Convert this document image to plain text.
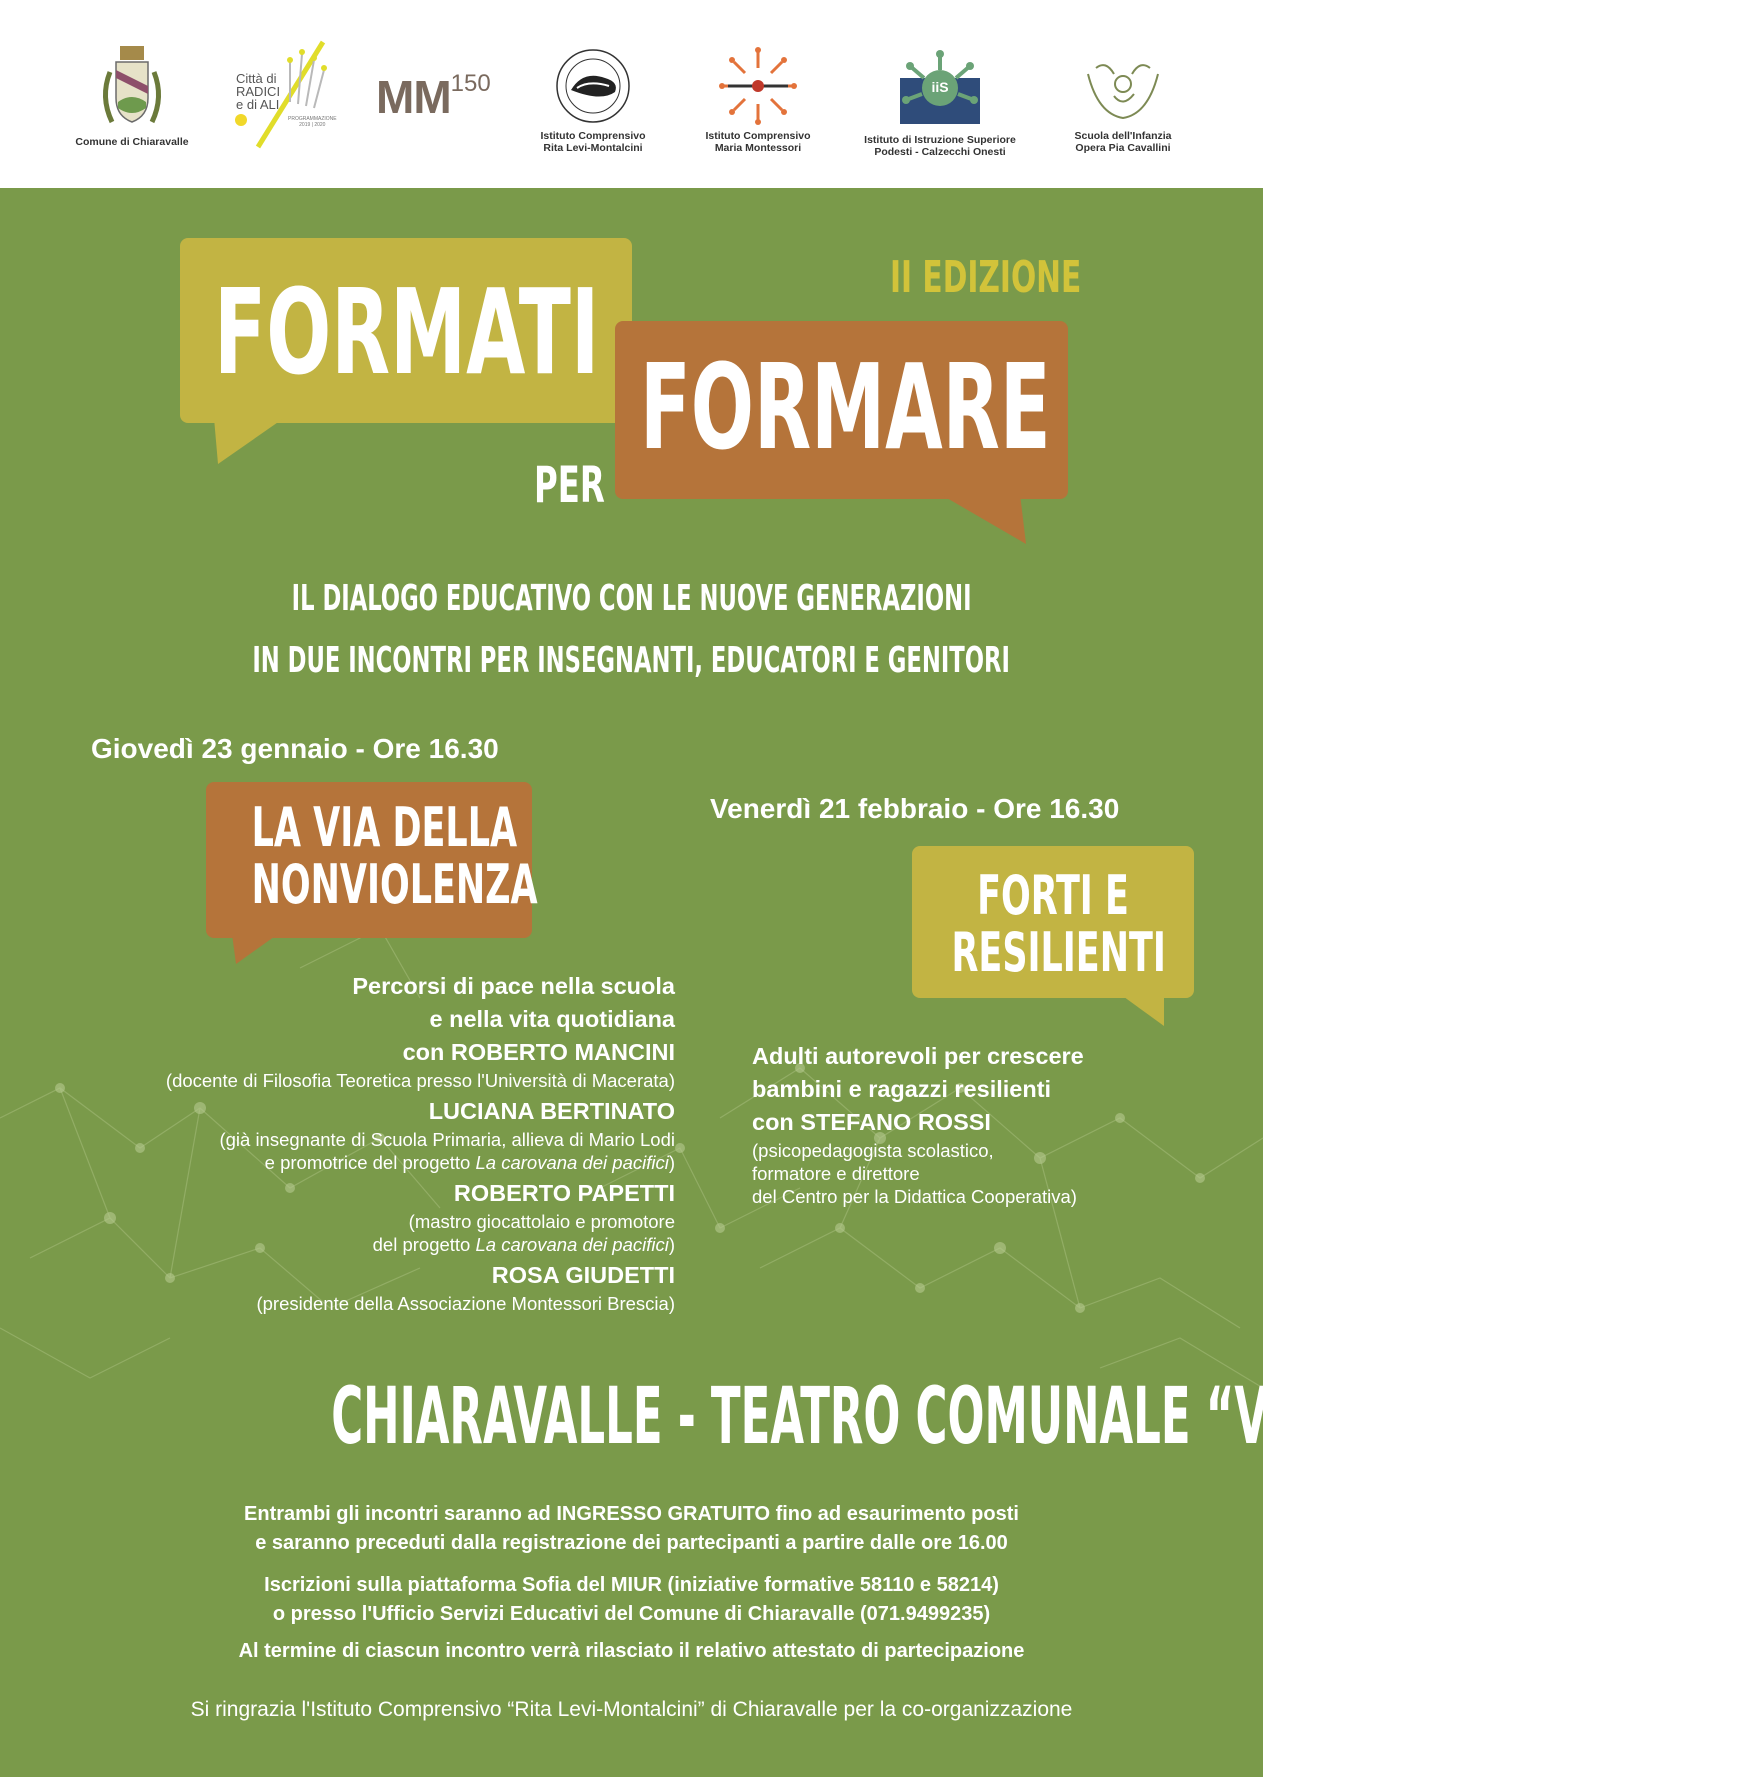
Comune di Chiaravalle
Città di
RADICI
e di ALI
PROGRAMMAZIONE
2019 | 2020
MM150
Istituto Comprensivo
Rita Levi-Montalcini
Istituto Comprensivo
Maria Montessori
iiS
Istituto di Istruzione Superiore
Podesti - Calzecchi Onesti
Scuola dell'Infanzia
Opera Pia Cavallini
II EDIZIONE
FORMATI
PER
FORMARE
IL DIALOGO EDUCATIVO CON LE NUOVE GENERAZIONI
IN DUE INCONTRI PER INSEGNANTI, EDUCATORI E GENITORI
Giovedì 23 gennaio - Ore 16.30
LA VIA DELLA
NONVIOLENZA
Percorsi di pace nella scuola
e nella vita quotidiana
con ROBERTO MANCINI
(docente di Filosofia Teoretica presso l'Università di Macerata)
LUCIANA BERTINATO
(già insegnante di Scuola Primaria, allieva di Mario Lodi
e promotrice del progetto La carovana dei pacifici)
ROBERTO PAPETTI
(mastro giocattolaio e promotore
del progetto La carovana dei pacifici)
ROSA GIUDETTI
(presidente della Associazione Montessori Brescia)
Venerdì 21 febbraio - Ore 16.30
FORTI E
RESILIENTI
Adulti autorevoli per crescere
bambini e ragazzi resilienti
con STEFANO ROSSI
(psicopedagogista scolastico,
formatore e direttore
del Centro per la Didattica Cooperativa)
CHIARAVALLE - TEATRO COMUNALE “VALLE”
Entrambi gli incontri saranno ad INGRESSO GRATUITO fino ad esaurimento posti
e saranno preceduti dalla registrazione dei partecipanti a partire dalle ore 16.00
Iscrizioni sulla piattaforma Sofia del MIUR (iniziative formative 58110 e 58214)
o presso l'Ufficio Servizi Educativi del Comune di Chiaravalle (071.9499235)
Al termine di ciascun incontro verrà rilasciato il relativo attestato di partecipazione
Si ringrazia l'Istituto Comprensivo “Rita Levi-Montalcini” di Chiaravalle per la co-organizzazione
